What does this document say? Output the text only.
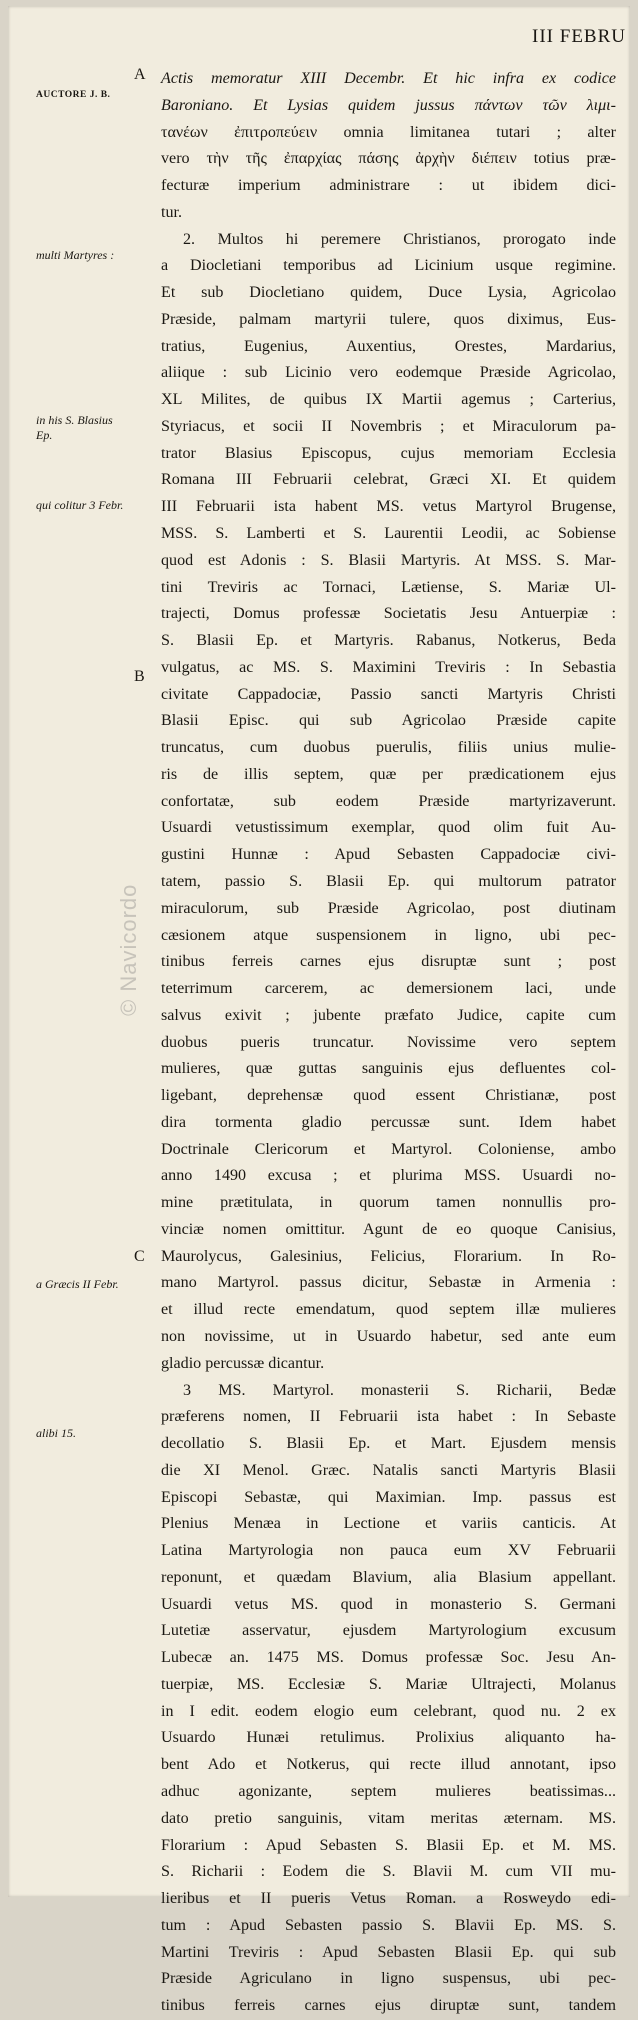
III FEBRU
AUCTORE J. B.
multi Martyres :
in his S. Blasius Ep.
qui colitur 3 Febr.
a Græcis II Febr.
alibi 15.
A
B
C
Actis memoratur XIII Decembr. Et hic infra ex codice
Baroniano. Et Lysias quidem jussus πάντων τῶν λιμι-
τανέων ἐπιτροπεύειν omnia limitanea tutari ; alter
vero τὴν τῆς ἐπαρχίας πάσης ἀρχὴν διέπειν totius præ-
fecturæ imperium administrare : ut ibidem dici-
tur.
2. Multos hi peremere Christianos, prorogato inde
a Diocletiani temporibus ad Licinium usque regimine.
Et sub Diocletiano quidem, Duce Lysia, Agricolao
Præside, palmam martyrii tulere, quos diximus, Eus-
tratius, Eugenius, Auxentius, Orestes, Mardarius,
aliique : sub Licinio vero eodemque Præside Agricolao,
XL Milites, de quibus IX Martii agemus ; Carterius,
Styriacus, et socii II Novembris ; et Miraculorum pa-
trator Blasius Episcopus, cujus memoriam Ecclesia
Romana III Februarii celebrat, Græci XI. Et quidem
III Februarii ista habent MS. vetus Martyrol Brugense,
MSS. S. Lamberti et S. Laurentii Leodii, ac Sobiense
quod est Adonis : S. Blasii Martyris. At MSS. S. Mar-
tini Treviris ac Tornaci, Lætiense, S. Mariæ Ul-
trajecti, Domus professæ Societatis Jesu Antuerpiæ :
S. Blasii Ep. et Martyris. Rabanus, Notkerus, Beda
vulgatus, ac MS. S. Maximini Treviris : In Sebastia
civitate Cappadociæ, Passio sancti Martyris Christi
Blasii Episc. qui sub Agricolao Præside capite
truncatus, cum duobus puerulis, filiis unius mulie-
ris de illis septem, quæ per prædicationem ejus
confortatæ, sub eodem Præside martyrizaverunt.
Usuardi vetustissimum exemplar, quod olim fuit Au-
gustini Hunnæ : Apud Sebasten Cappadociæ civi-
tatem, passio S. Blasii Ep. qui multorum patrator
miraculorum, sub Præside Agricolao, post diutinam
cæsionem atque suspensionem in ligno, ubi pec-
tinibus ferreis carnes ejus disruptæ sunt ; post
teterrimum carcerem, ac demersionem laci, unde
salvus exivit ; jubente præfato Judice, capite cum
duobus pueris truncatur. Novissime vero septem
mulieres, quæ guttas sanguinis ejus defluentes col-
ligebant, deprehensæ quod essent Christianæ, post
dira tormenta gladio percussæ sunt. Idem habet
Doctrinale Clericorum et Martyrol. Coloniense, ambo
anno 1490 excusa ; et plurima MSS. Usuardi no-
mine prætitulata, in quorum tamen nonnullis pro-
vinciæ nomen omittitur. Agunt de eo quoque Canisius,
Maurolycus, Galesinius, Felicius, Florarium. In Ro-
mano Martyrol. passus dicitur, Sebastæ in Armenia :
et illud recte emendatum, quod septem illæ mulieres
non novissime, ut in Usuardo habetur, sed ante eum
gladio percussæ dicantur.
3 MS. Martyrol. monasterii S. Richarii, Bedæ
præferens nomen, II Februarii ista habet : In Sebaste
decollatio S. Blasii Ep. et Mart. Ejusdem mensis
die XI Menol. Græc. Natalis sancti Martyris Blasii
Episcopi Sebastæ, qui Maximian. Imp. passus est
Plenius Menæa in Lectione et variis canticis. At
Latina Martyrologia non pauca eum XV Februarii
reponunt, et quædam Blavium, alia Blasium appellant.
Usuardi vetus MS. quod in monasterio S. Germani
Lutetiæ asservatur, ejusdem Martyrologium excusum
Lubecæ an. 1475 MS. Domus professæ Soc. Jesu An-
tuerpiæ, MS. Ecclesiæ S. Mariæ Ultrajecti, Molanus
in I edit. eodem elogio eum celebrant, quod nu. 2 ex
Usuardo Hunæi retulimus. Prolixius aliquanto ha-
bent Ado et Notkerus, qui recte illud annotant, ipso
adhuc agonizante, septem mulieres beatissimas...
dato pretio sanguinis, vitam meritas æternam. MS.
Florarium : Apud Sebasten S. Blasii Ep. et M. MS.
S. Richarii : Eodem die S. Blavii M. cum VII mu-
lieribus et II pueris Vetus Roman. a Rosweydo edi-
tum : Apud Sebasten passio S. Blavii Ep. MS. S.
Martini Treviris : Apud Sebasten Blasii Ep. qui sub
Præside Agriculano in ligno suspensus, ubi pec-
tinibus ferreis carnes ejus diruptæ sunt, tandem
© Navicordo
